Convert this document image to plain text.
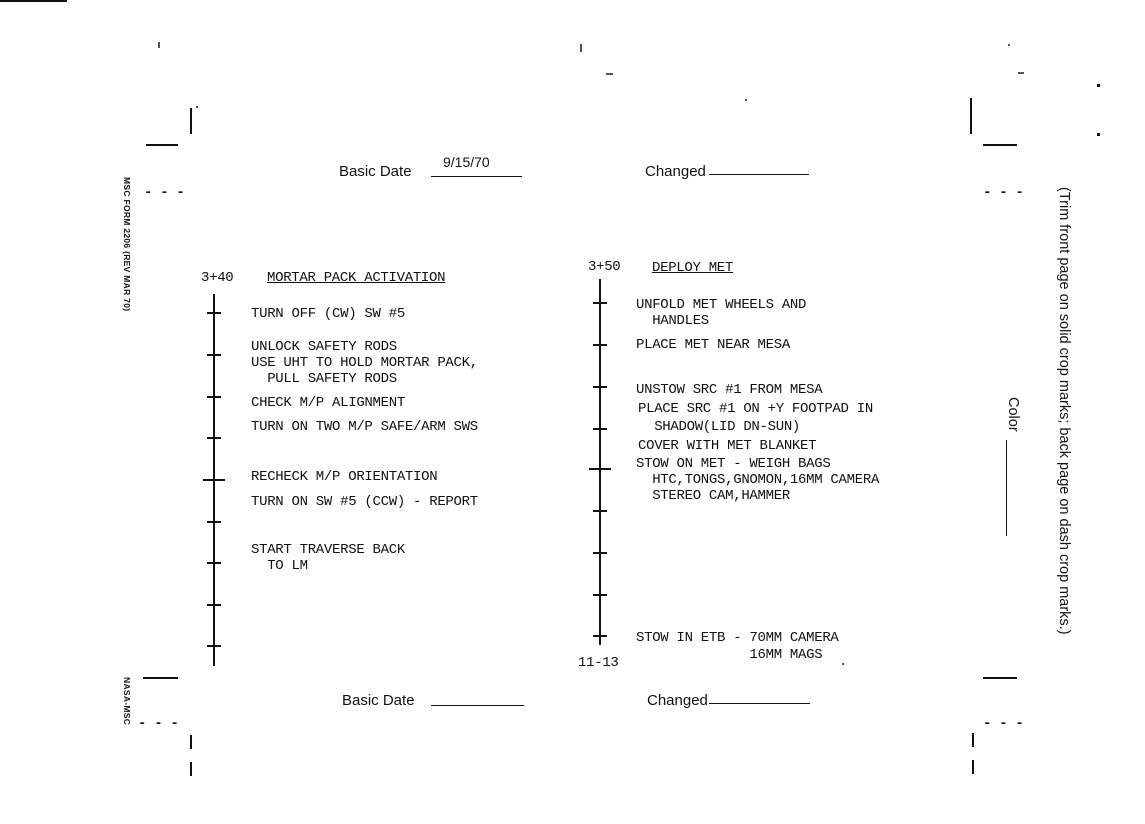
- - -	- - -
- - -	- - -
MSC FORM 2206 (REV MAR 70)
NASA-MSC
(Trim front page on solid crop marks; back page on dash crop marks.)
Color
Basic Date
9/15/70
Changed
Basic Date	Changed
11-13
3+40 MORTAR PACK ACTIVATION
TURN OFF (CW) SW #5
UNLOCK SAFETY RODS
USE UHT TO HOLD MORTAR PACK,
PULL SAFETY RODS
CHECK M/P ALIGNMENT
TURN ON TWO M/P SAFE/ARM SWS
RECHECK M/P ORIENTATION
TURN ON SW #5 (CCW) - REPORT
START TRAVERSE BACK
TO LM
3+50 DEPLOY MET
UNFOLD MET WHEELS AND
HANDLES
PLACE MET NEAR MESA
UNSTOW SRC #1 FROM MESA
PLACE SRC #1 ON +Y FOOTPAD IN
SHADOW(LID DN-SUN)
COVER WITH MET BLANKET
STOW ON MET - WEIGH BAGS
HTC,TONGS,GNOMON,16MM CAMERA
STEREO CAM,HAMMER
STOW IN ETB - 70MM CAMERA
16MM MAGS
